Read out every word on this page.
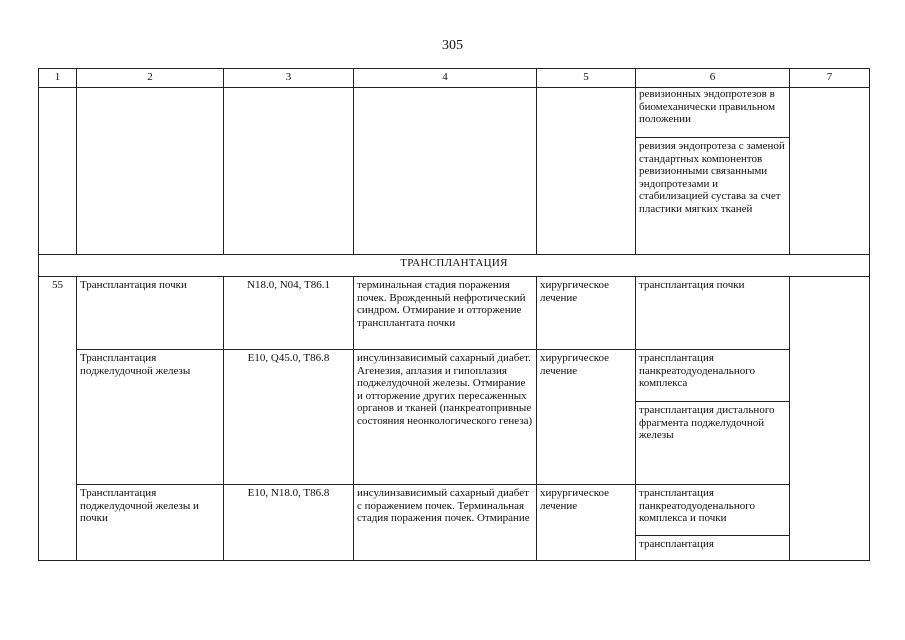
305
1	2	3	4	5	6	7
					ревизионных эндопротезов в биомеханически правильном положении	
					ревизия эндопротеза с заменой стандартных компонентов ревизионными связанными эндопротезами и стабилизацией сустава за счет пластики мягких тканей	
ТРАНСПЛАНТАЦИЯ						
55	Трансплантация почки	N18.0, N04, T86.1	терминальная стадия поражения почек. Врожденный нефротический синдром. Отмирание и отторжение трансплантата почки	хирургическое лечение	трансплантация почки	
	Трансплантация поджелудочной железы	E10, Q45.0, T86.8	инсулинзависимый сахарный диабет. Агенезия, аплазия и гипоплазия поджелудочной железы. Отмирание и отторжение других пересаженных органов и тканей (панкреатопривные состояния неонкологического генеза)	хирургическое лечение	трансплантация панкреатодуоденального комплекса	
					трансплантация дистального фрагмента поджелудочной железы	
	Трансплантация поджелудочной железы и почки	E10, N18.0, T86.8	инсулинзависимый сахарный диабет с поражением почек. Терминальная стадия поражения почек. Отмирание	хирургическое лечение	трансплантация панкреатодуоденального комплекса и почки	
					трансплантация	
